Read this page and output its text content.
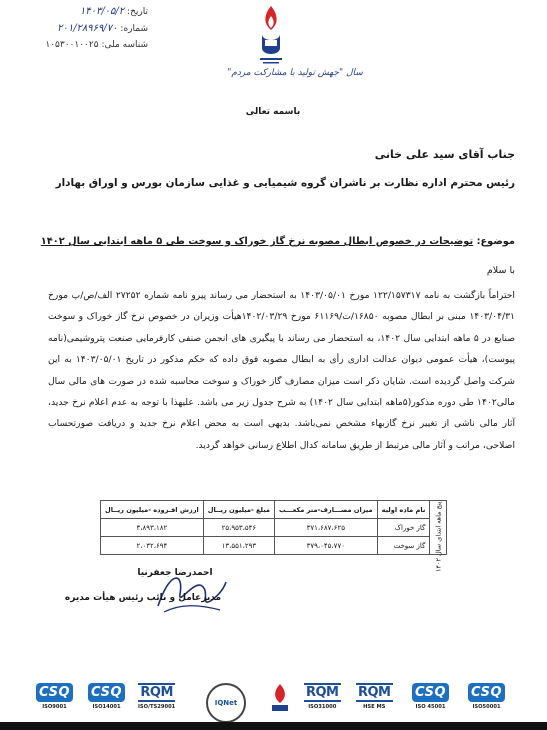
تاریخ: ۱۴۰۳/۰۵/۲
شماره: ۲۰۱/۲۸۹۶۹/۷۰
شناسه ملی: ۱۰۵۳۰۰۱۰۰۲۵
سال "جهش تولید با مشارکت مردم"
باسمه تعالی
جناب آقای سید علی خانی
رئیس محترم اداره نظارت بر ناشران گروه شیمیایی و غذایی سازمان بورس و اوراق بهادار
موضوع: توضیحات در خصوص ابطال مصوبه نرخ گاز خوراک و سوخت طی ۵ ماهه ابتدایی سال ۱۴۰۲
با سلام
احتراماً بازگشت به نامه ۱۲۲/۱۵۷۳۱۷ مورخ ۱۴۰۳/۰۵/۰۱ به استحضار می رساند پیرو نامه شماره ۲۷۲۵۲ الف/ص/پ مورخ ۱۴۰۳/۰۴/۳۱ مبنی بر ابطال مصوبه ۱۶۸۵۰/ت/۶۱۱۶۹ مورخ ۱۴۰۲/۰۳/۲۹هیأت وزیران در خصوص نرخ گاز خوراک و سوخت صنایع در ۵ ماهه ابتدایی سال ۱۴۰۲، به استحضار می رساند با پیگیری های انجمن صنفی کارفرمایی صنعت پتروشیمی(نامه پیوست)، هیأت عمومی دیوان عدالت اداری رأی به ابطال مصوبه فوق داده که حکم مذکور در تاریخ ۱۴۰۳/۰۵/۰۱ به این شرکت واصل گردیده است. شایان ذکر است میزان مصارف گاز خوراک و سوخت محاسبه شده در صورت های مالی سال مالی۱۴۰۲ طی دوره مذکور(۵ماهه ابتدایی سال ۱۴۰۲) به شرح جدول زیر می باشد. علیهذا با توجه به عدم اعلام نرخ جدید، آثار مالی ناشی از تغییر نرخ گازبهاء مشخص نمی‌باشد. بدیهی است به محض اعلام نرخ جدید و دریافت صورتحساب اصلاحی، مراتب و آثار مالی مرتبط از طریق سامانه کدال اطلاع رسانی خواهد گردید.
پنج ماهه ابتدای سال ۱۴۰۲	نام ماده اولیه	میزان مصـــارف-متر مکعـــب	مبلغ -میلیون ریــال	ارزش افـزوده -میلیون ریــال
	گاز خوراک	۳۷۱،۶۸۷،۶۲۵	۲۵،۹۵۳،۵۴۶	۳،۸۹۳،۱۸۲
	گاز سوخت	۳۷۹،۰۴۵،۷۷۰	۱۳،۵۵۱،۲۹۳	۲،۰۳۲،۶۹۴
احمدرضا جعفرنیا
مدیرعامل و نائب رئیس هیأت مدیره
CSQ
ISO9001
CSQ
ISO14001
RQM
ISO/TS29001	IQNet
RQM
ISO31000
RQM
HSE MS
CSQ
ISO 45001
CSQ
ISO50001
